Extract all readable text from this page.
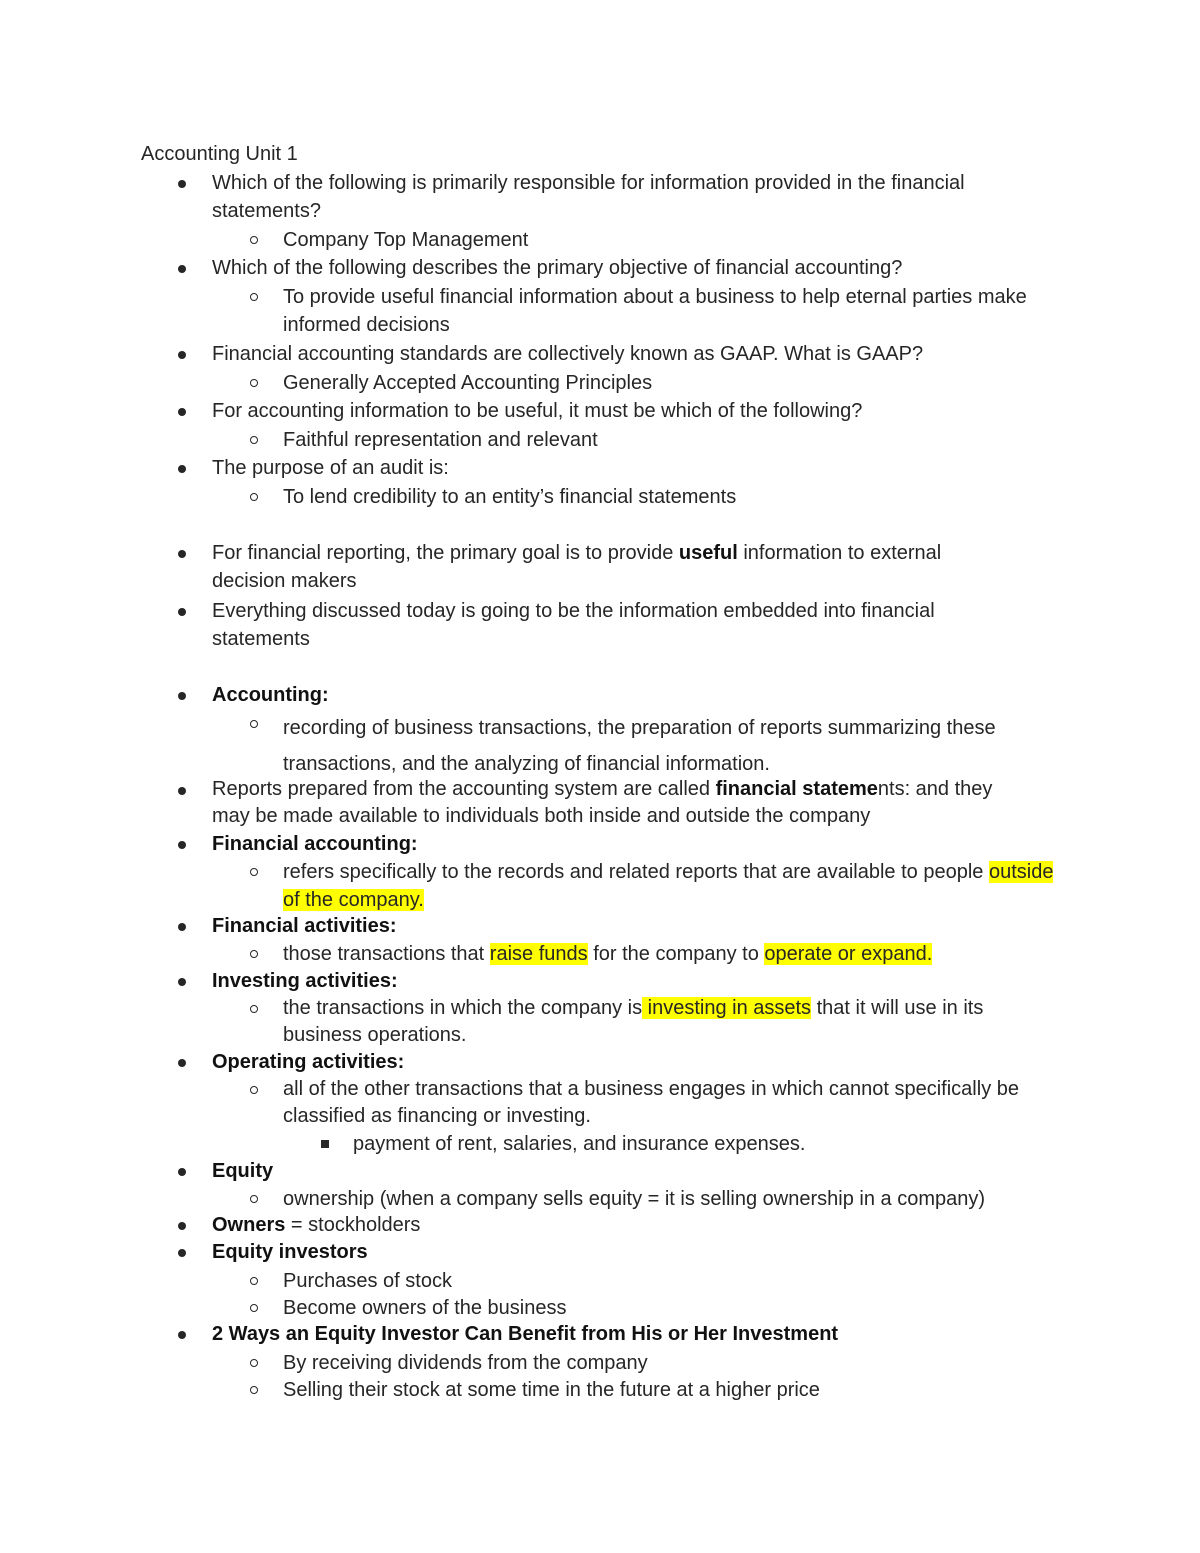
Accounting Unit 1
Which of the following is primarily responsible for information provided in the financial statements?
Company Top Management
Which of the following describes the primary objective of financial accounting?
To provide useful financial information about a business to help eternal parties make informed decisions
Financial accounting standards are collectively known as GAAP. What is GAAP?
Generally Accepted Accounting Principles
For accounting information to be useful, it must be which of the following?
Faithful representation and relevant
The purpose of an audit is:
To lend credibility to an entity’s financial statements
For financial reporting, the primary goal is to provide useful information to external decision makers
Everything discussed today is going to be the information embedded into financial statements
Accounting:
recording of business transactions, the preparation of reports summarizing these transactions, and the analyzing of financial information.
Reports prepared from the accounting system are called financial statements: and they may be made available to individuals both inside and outside the company
Financial accounting:
refers specifically to the records and related reports that are available to people outside of the company.
Financial activities:
those transactions that raise funds for the company to operate or expand.
Investing activities:
the transactions in which the company is investing in assets that it will use in its business operations.
Operating activities:
all of the other transactions that a business engages in which cannot specifically be classified as financing or investing.
payment of rent, salaries, and insurance expenses.
Equity
ownership (when a company sells equity = it is selling ownership in a company)
Owners = stockholders
Equity investors
Purchases of stock
Become owners of the business
2 Ways an Equity Investor Can Benefit from His or Her Investment
By receiving dividends from the company
Selling their stock at some time in the future at a higher price
